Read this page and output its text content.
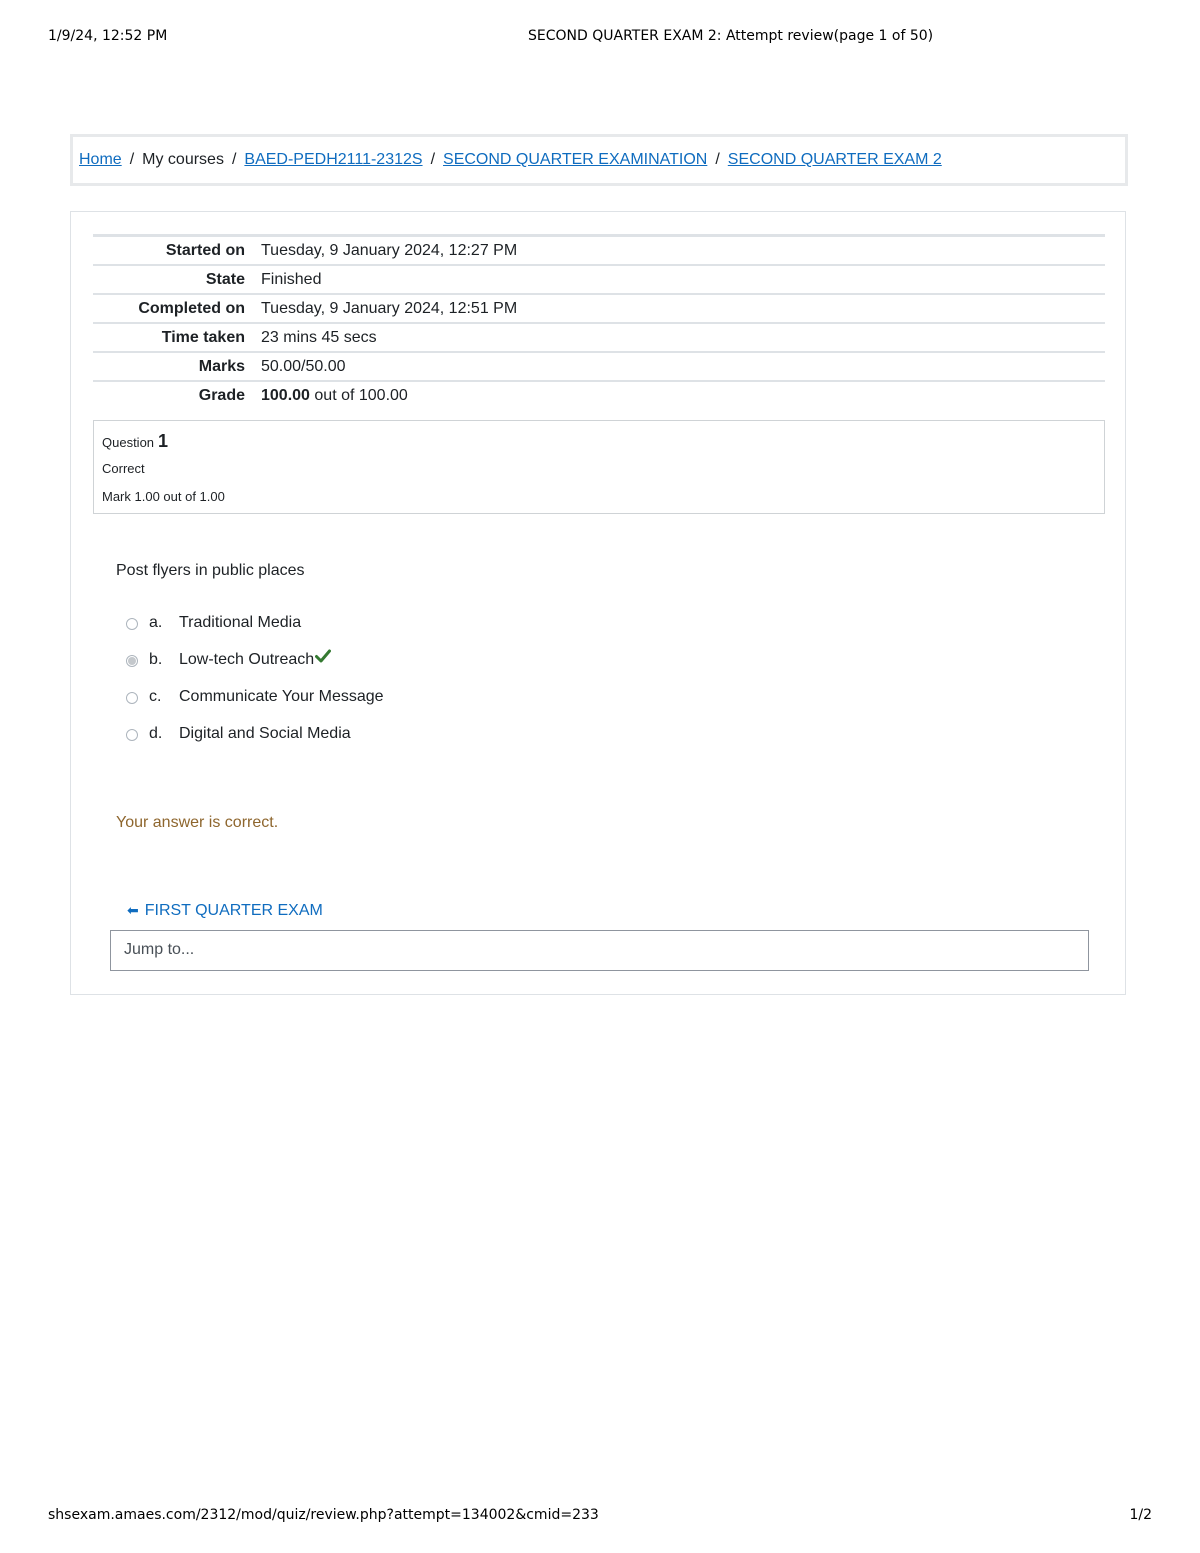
1/9/24, 12:52 PM	SECOND QUARTER EXAM 2: Attempt review(page 1 of 50)
Home / My courses / BAED-PEDH2111-2312S / SECOND QUARTER EXAMINATION / SECOND QUARTER EXAM 2
Started on	Tuesday, 9 January 2024, 12:27 PM
State	Finished
Completed on	Tuesday, 9 January 2024, 12:51 PM
Time taken	23 mins 45 secs
Marks	50.00/50.00
Grade	100.00 out of 100.00
Question 1
Correct
Mark 1.00 out of 1.00
Post flyers in public places
a. Traditional Media
b. Low-tech Outreach
c. Communicate Your Message
d. Digital and Social Media
Your answer is correct.
⬅ FIRST QUARTER EXAM
Jump to...
shsexam.amaes.com/2312/mod/quiz/review.php?attempt=134002&cmid=233	1/2
